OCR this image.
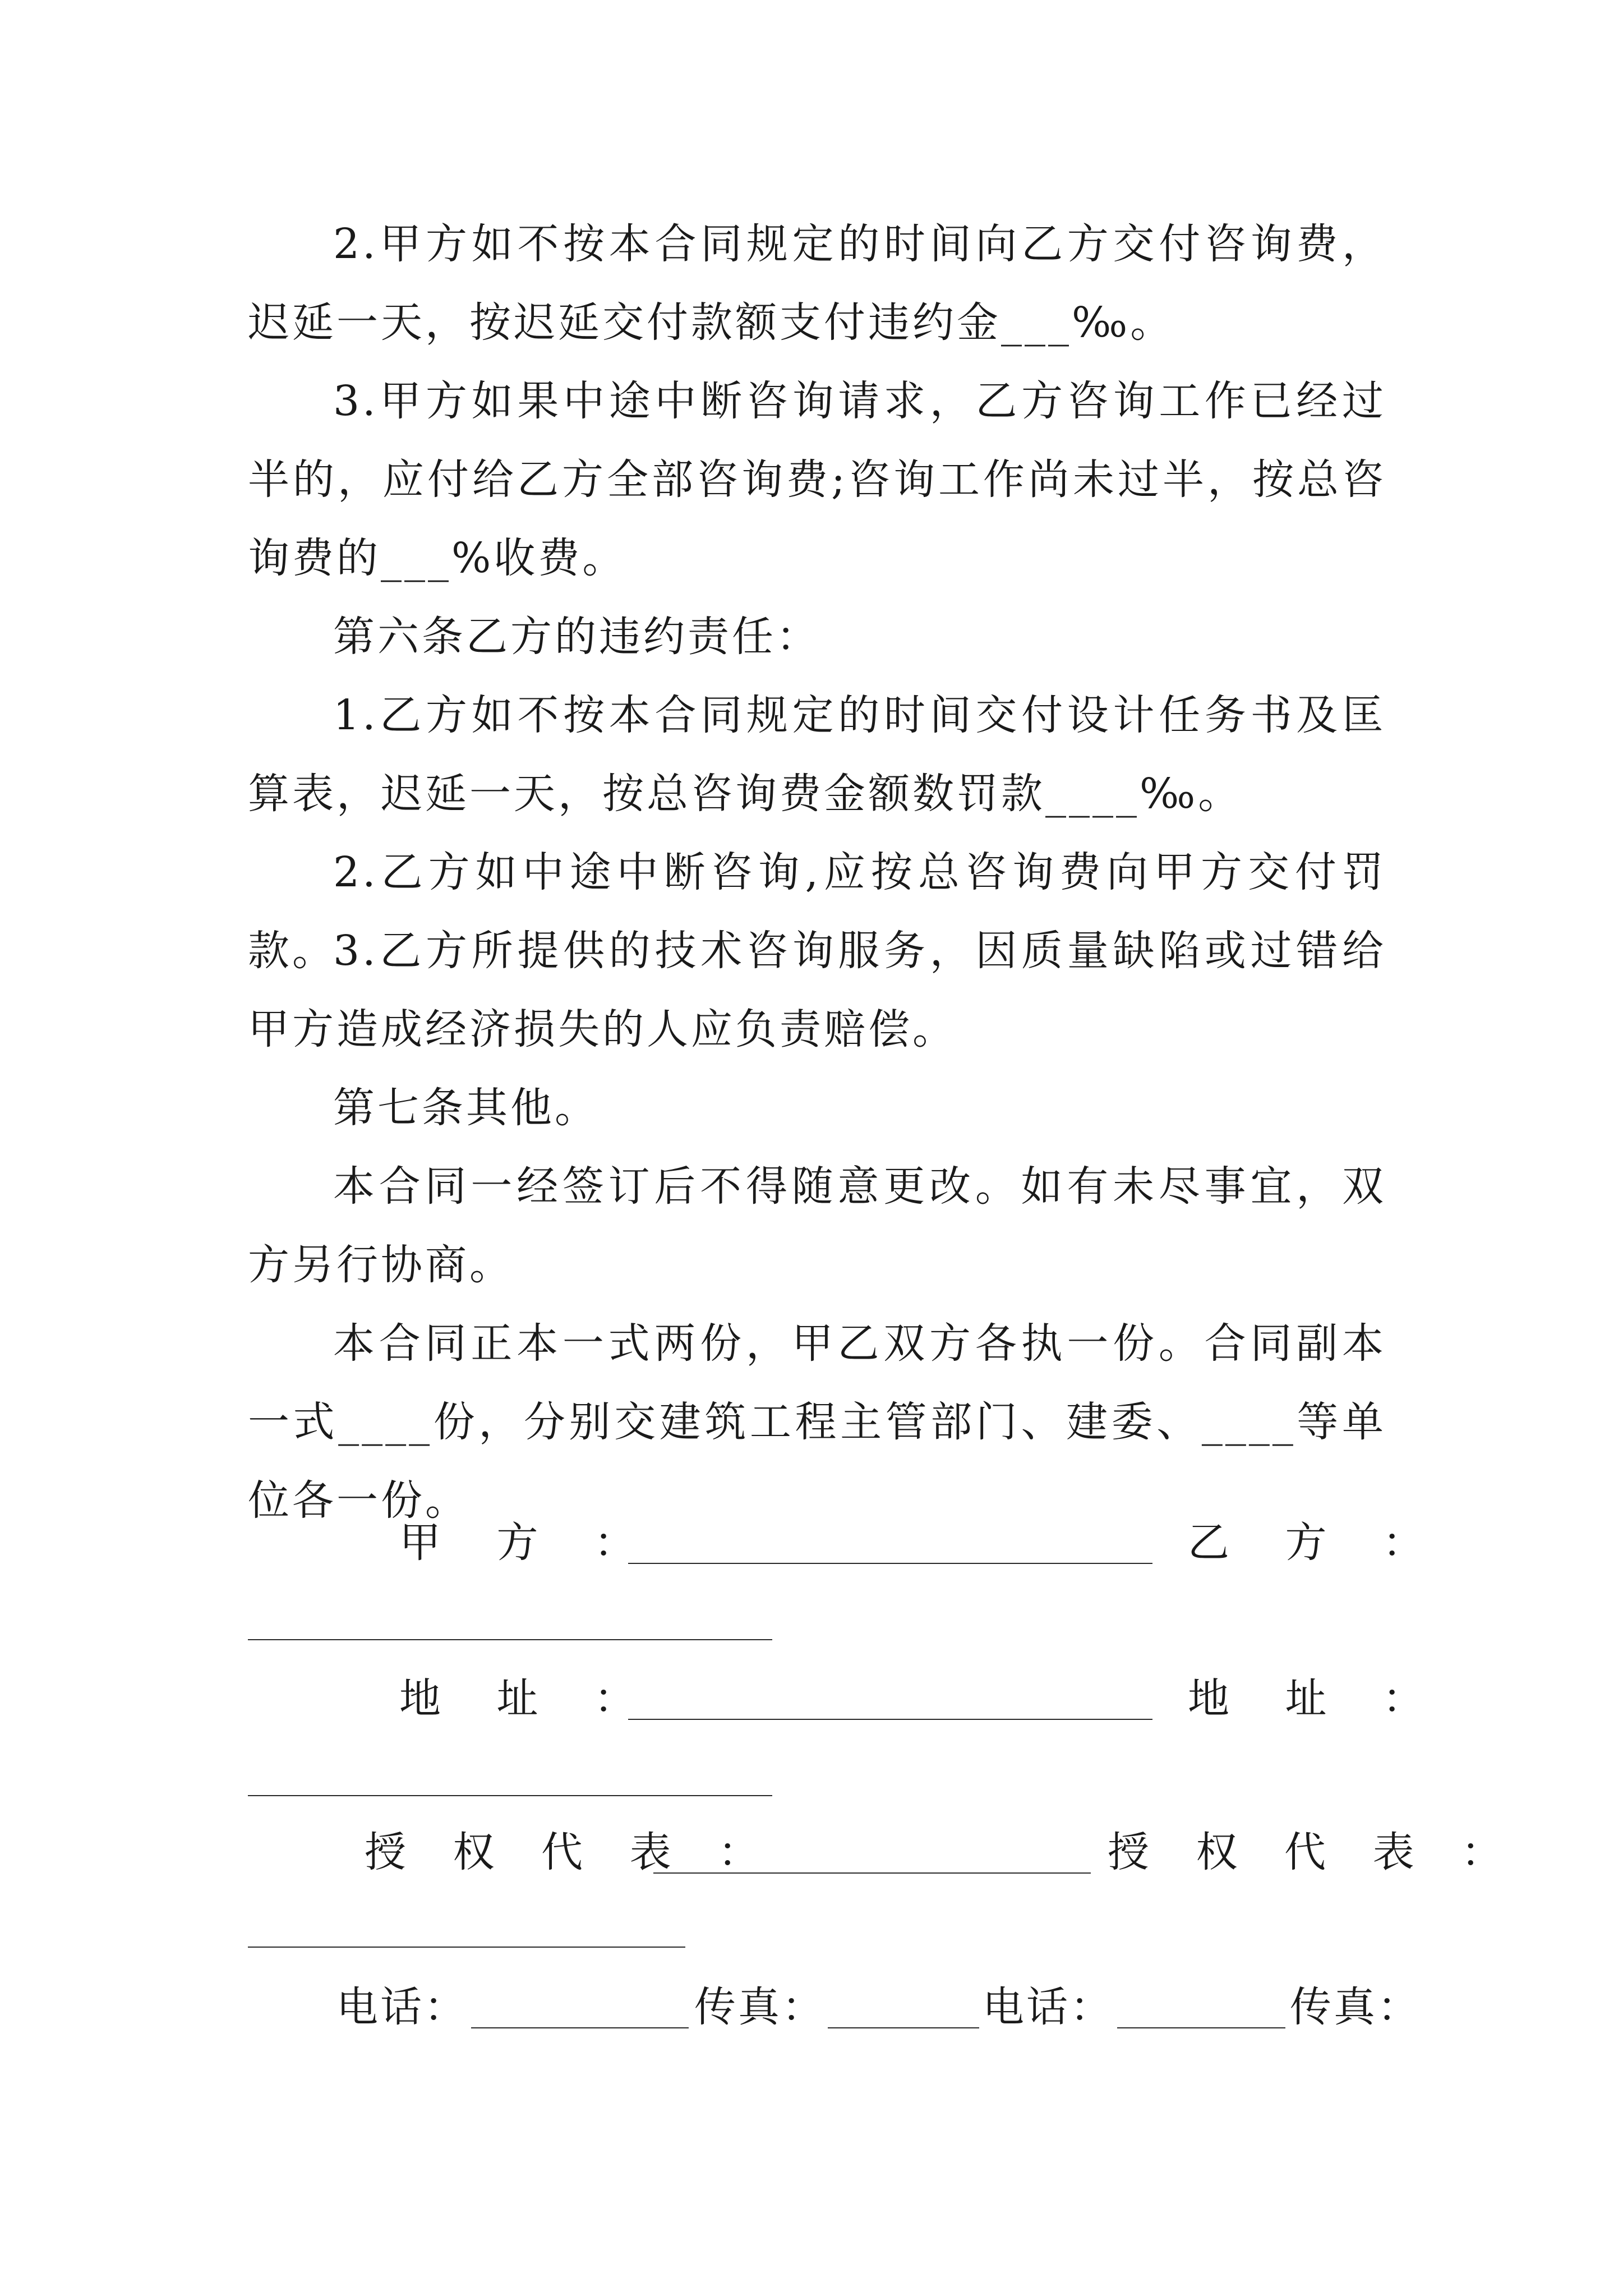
2.甲方如不按本合同规定的时间向乙方交付咨询费，迟延一天，按迟延交付款额支付违约金___‰。

3.甲方如果中途中断咨询请求，乙方咨询工作已经过半的，应付给乙方全部咨询费;咨询工作尚未过半，按总咨询费的___%收费。

第六条乙方的违约责任：

1.乙方如不按本合同规定的时间交付设计任务书及匡算表，迟延一天，按总咨询费金额数罚款____‰。

2.乙方如中途中断咨询,应按总咨询费向甲方交付罚款。

3.乙方所提供的技术咨询服务，因质量缺陷或过错给甲方造成经济损失的人应负责赔偿。

第七条其他。

本合同一经签订后不得随意更改。如有未尽事宜，双方另行协商。

本合同正本一式两份，甲乙双方各执一份。合同副本一式____份，分别交建筑工程主管部门、建委、____等单位各一份。

甲 方 ：	乙 方 ：
地 址 ：	地 址 ：
授 权 代 表 ：	授 权 代 表 ：
电话：	传真：	电话：	传真：
